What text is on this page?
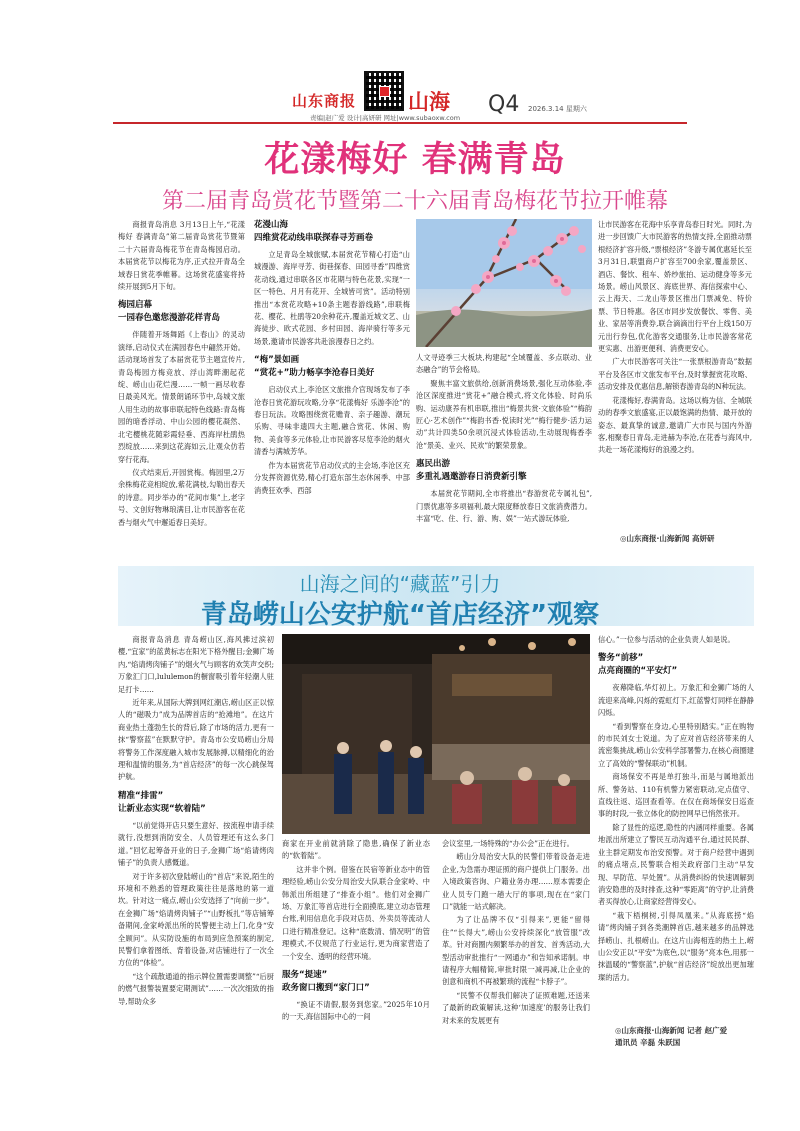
山东商报 山海 Q4 2026.3.14 星期六
责编|赵广爱 设计|高妍研 网址|www.subaoxw.com
花漾梅好 春满青岛
第二届青岛赏花节暨第二十六届青岛梅花节拉开帷幕

商报青岛消息 3月13日上午,“花漾梅好 春满青岛”第二届青岛赏花节暨第二十六届青岛梅花节在青岛梅园启动。本届赏花节以梅花为序,正式拉开青岛全域春日赏花季帷幕。这场赏花盛宴将持续开展到5月下旬。

梅园启幕
一园春色邀您漫游花样青岛

伴随着开场舞蹈《上春山》的灵动演绎,启动仪式在满园春色中翩然开始。活动现场首发了本届赏花节主题宣传片,青岛梅园方梅竞放、浮山湾畔潮起花绽、崂山山花烂漫……一帧一画尽收春日最美风光。情景朗诵环节中,岛城文旅人用生动的故事串联起特色线路:青岛梅园的暗香浮动、中山公园的樱花凝然、北宅樱桃花随彩霞轻垂、西海岸杜鹃热烈绽放……来到这花海如云,让观众仿若穿行花海。

仪式结束后,开园赏梅。梅园里,2万余株梅花竞相绽放,紫花满枝,勾勒出春天的诗意。同步举办的“花间市集”上,老字号、文创好物琳琅满目,让市民游客在花香与烟火气中邂逅春日美好。

花漫山海
四维赏花动线串联探春寻芳画卷

立足青岛全城旅赋,本届赏花节精心打造“山城漫游、海岸寻芳、街巷探春、田园寻香”四维赏花动线,通过串联各区市花期与特色花景,实现“一区一特色、月月有花开、全城皆可赏”。活动特别推出“本赏花攻略+10条主题春游线路”,串联梅花、樱花、杜鹃等20余种花卉,覆盖近城文艺、山海徒步、欧式花园、乡村田园、海岸骑行等多元场景,邀请市民游客共赴浪漫春日之约。

“梅”景如画
“赏花+”助力畅享李沧春日美好

启动仪式上,李沧区文旅推介官现场发布了李沧春日赏花游玩攻略,分享“花漾梅好 乐游李沧”的春日玩法。攻略围绕赏花赡青、亲子趣游、潮玩乐购、寻味非遗四大主题,融合赏花、休闲、购物、美食等多元体验,让市民游客尽览李沧的烟火清香与满城芳华。

作为本届赏花节启动仪式的主会场,李沧区充分发挥资源优势,精心打造东部生态休闲季、中部消费狂欢季、西部

人文寻迹季三大板块,构建起“全域覆盖、多点联动、业态融合”的节会格局。

聚焦丰富文旅供给,创新消费场景,强化互动体验,李沧区深度推进“赏花+”融合模式,将文化体验、时尚乐购、运动康养有机串联,推出“梅景共赏·文旅体验”“梅韵匠心·艺术创作”“梅韵书香·悦读时光”“梅行健步·活力运动”共计四类50余项沉浸式体验活动,生动展现梅香李沧“景美、业兴、民欢”的繁荣景象。

惠民出游
多重礼遇邀游春日消费新引擎

本届赏花节期间,全市将推出“春游赏花专属礼包”,门票优惠等多项福利,最大限度释放春日文旅消费潜力。丰富“吃、住、行、游、购、娱”一站式游玩体验,

让市民游客在花海中乐享青岛春日时光。同时,为进一步回馈广大市民游客的热情支持,全面推动票根经济扩容升级,“票根经济”冬游专属优惠延长至3月31日,联盟商户扩容至700余家,覆盖景区、酒店、餐饮、租车、娇纱旅拍、运动健身等多元场景。崂山风景区、海底世界、海信探索中心、云上海天、二龙山等景区推出门票减免、特价票、节日特惠。各区市同步发放餐饮、零售、美业、家居等消费券,联合滴滴出行平台上线150万元出行券包,优化游客交通服务,让市民游客常花更实惠、出游更便利、消费更安心。

广大市民游客可关注“一张票根游青岛”数据平台及各区市文旅发布平台,及时掌握赏花攻略、活动安排及优惠信息,解锁春游青岛的N种玩法。

花漾梅好,春满青岛。这场以梅为信、全城联动的春季文旅盛宴,正以最饱满的热情、最开放的姿态、最真挚的诚意,邀请广大市民与国内外游客,相聚春日青岛,走进赫为李沧,在花香与海风中,共赴一场花漾梅好的浪漫之约。

◎山东商报·山海新闻 高妍研
山海之间的“藏蓝”引力
青岛崂山公安护航“首店经济”观察

商报青岛消息 青岛崂山区,海风拂过滨初樱,“宜家”的蓝黄标志在阳光下格外醒目;金狮广场内,“焰请烤肉铺子”的烟火气与顾客的欢笑声交织;万象汇门口,lululemon的橱窗吸引着年轻潮人驻足打卡……

近年来,从国际大牌到网红潮店,崂山区正以惊人的“磁吸力”成为品牌首店的“抢滩地”。在这片商业热土蓬勃生长的背后,除了市场的活力,更有一抹“警察蓝”在默默守护。青岛市公安局崂山分局将警务工作深度融入城市发展脉搏,以精细化的治理和温情的服务,为“首店经济”的每一次心跳保驾护航。

精准“排雷”
让新业态实现“软着陆”

“以前觉得开店只要生意好、按流程申请手续就行,没想到消防安全、人员管理还有这么多门道。”回忆起筹备开业的日子,金狮广场“焰请烤肉铺子”的负责人感慨道。

对于许多初次登陆崂山的“首店”来说,陌生的环境和不熟悉的管理政策往往是落地的第一道坎。针对这一痛点,崂山公安选择了“向前一步”。在金狮广场“焰请烤肉铺子”“山野板扎”等店铺筹备期间,金家岭派出所的民警便主动上门,化身“安全顾问”。从实防设施的布局到应急预案的制定,民警们拿着图纸、背着设备,对店铺进行了一次全方位的“体检”。

“这个疏散通道的指示牌位置需要调整”“后厨的燃气报警装置要定期测试”……一次次细致的指导,帮助众多

商家在开业前就消除了隐患,确保了新业态的“软着陆”。

这并非个例。借鉴在民宿等新业态中的管理经验,崂山公安分局治安大队联合金家岭、中韩派出所组建了“排查小组”。他们对金狮广场、万象汇等首店进行全面摸底,建立动态管理台账,利用信息化手段对店员、外卖员等流动人口进行精准登记。这种“底数清、情况明”的管理模式,不仅规范了行业运行,更为商家营造了一个安全、透明的经营环境。

服务“提速”
政务窗口搬到“家门口”

“换证不请假,服务到您家。”2025年10月的一天,海信国际中心的一间

会议室里,一场特殊的“办公会”正在进行。

崂山分局治安大队的民警们带着设备走进企业,为急需办理证照的商户提供上门服务。出入境政策咨询、户籍业务办理……原本需要企业人员专门跑一趟大厅的事项,现在在“家门口”就能一站式解决。

为了让品牌不仅“引得来”,更能“留得住”“长得大”,崂山公安持续深化“放管服”改革。针对商圈内频繁举办的首发、首秀活动,大型活动审批推行“一网通办”和告知承诺制。申请程序大幅精简,审批时限一减再减,让企业的创意和商机不再被繁琐的流程“卡脖子”。

“民警不仅帮我们解决了证照难题,还送来了最新的政策解读,这种‘加速度’的服务让我们对未来的发展更有

信心。”一位参与活动的企业负责人如是说。

警务“前移”
点亮商圈的“平安灯”

夜幕降临,华灯初上。万象汇和金狮广场的人流迎来高峰,闪烁的霓虹灯下,红蓝警灯同样在静静闪烁。

“看到警察在身边,心里特别踏实。”正在购物的市民刘女士说道。为了应对首店经济带来的人流密集挑战,崂山公安科学部署警力,在核心商圈建立了高效的“警保联动”机制。

商场保安不再是单打独斗,而是与属地派出所、警务站、110有机警力紧密联动,定点值守、直线往返、巡回查看等。在仅在商场保安日巡查事的时段,一张立体化的防控网早已悄然张开。

除了显性的巡逻,隐性的内涵同样重要。各属地派出所建立了警民互动沟通平台,通过民民群、业主群定期发布治安预警。对于商户经营中遇到的痛点堵点,民警联合相关政府部门主动“早发现、早防范、早处置”。从消费纠纷的快速调解到消安隐患的及时排查,这种“零距离”的守护,让消费者买得放心,让商家经营得安心。

“栽下梧桐树,引得凤凰来。”从海底捞“焰请”烤肉铺子到各类潮牌首店,越来越多的品牌选择崂山、扎根崂山。在这片山海相连的热土上,崂山公安正以“平安”为底色,以“服务”亮本色,用那一抹温暖的“警察蓝”,护航“首店经济”绽放出更加璀璨的活力。

◎山东商报·山海新闻 记者 赵广爱
通讯员 辛磊 朱跃国
